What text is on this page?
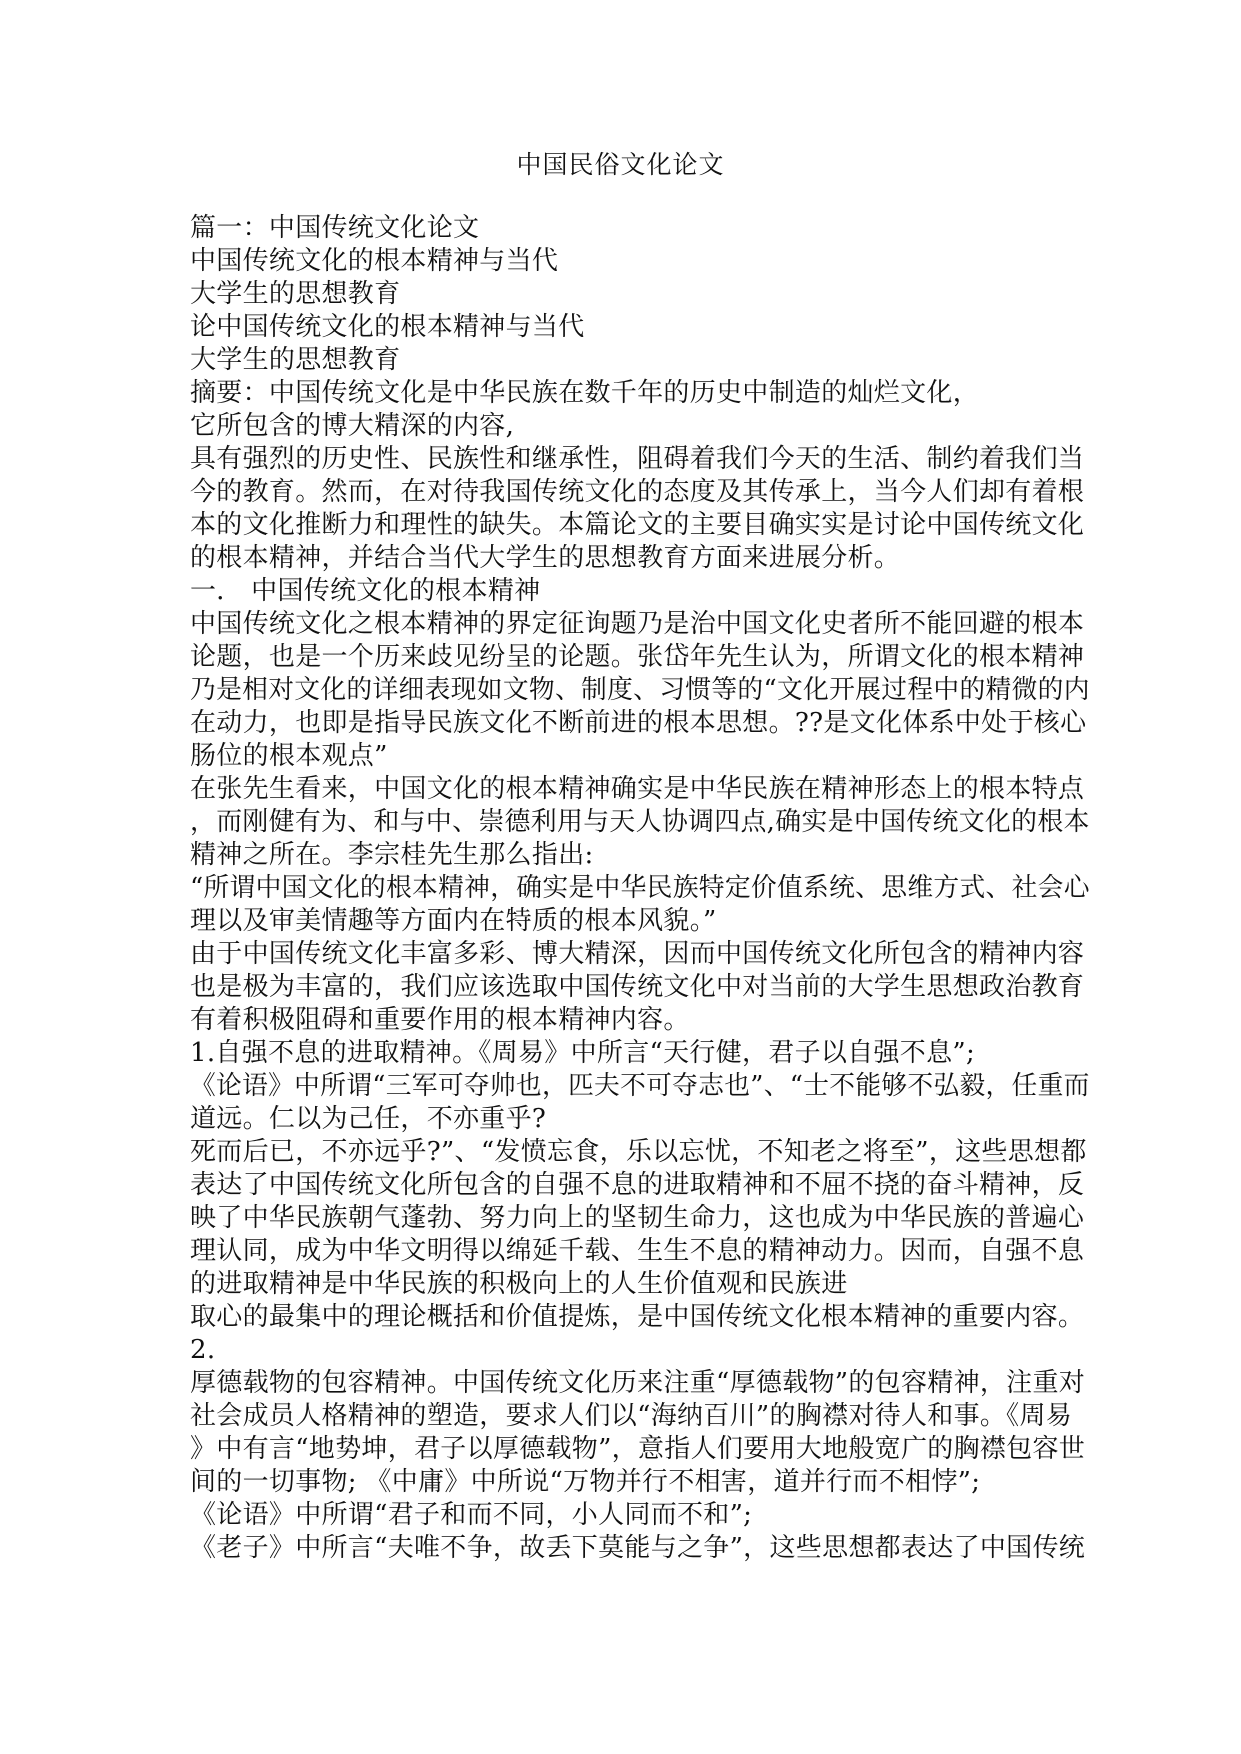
中国民俗文化论文
篇一：中国传统文化论文
中国传统文化的根本精神与当代
大学生的思想教育
论中国传统文化的根本精神与当代
大学生的思想教育
摘要：中国传统文化是中华民族在数千年的历史中制造的灿烂文化，
它所包含的博大精深的内容,
具有强烈的历史性、民族性和继承性，阻碍着我们今天的生活、制约着我们当
今的教育。然而，在对待我国传统文化的态度及其传承上，当今人们却有着根
本的文化推断力和理性的缺失。本篇论文的主要目确实实是讨论中国传统文化
的根本精神，并结合当代大学生的思想教育方面来进展分析。
一． 中国传统文化的根本精神
中国传统文化之根本精神的界定征询题乃是治中国文化史者所不能回避的根本
论题，也是一个历来歧见纷呈的论题。张岱年先生认为，所谓文化的根本精神
乃是相对文化的详细表现如文物、制度、习惯等的“文化开展过程中的精微的内
在动力，也即是指导民族文化不断前进的根本思想。??是文化体系中处于核心
肠位的根本观点”
在张先生看来，中国文化的根本精神确实是中华民族在精神形态上的根本特点
，而刚健有为、和与中、崇德利用与天人协调四点,确实是中国传统文化的根本
精神之所在。李宗桂先生那么指出:
“所谓中国文化的根本精神，确实是中华民族特定价值系统、思维方式、社会心
理以及审美情趣等方面内在特质的根本风貌。”
由于中国传统文化丰富多彩、博大精深，因而中国传统文化所包含的精神内容
也是极为丰富的，我们应该选取中国传统文化中对当前的大学生思想政治教育
有着积极阻碍和重要作用的根本精神内容。
1.自强不息的进取精神。《周易》中所言“天行健，君子以自强不息”;
《论语》中所谓“三军可夺帅也，匹夫不可夺志也”、“士不能够不弘毅，任重而
道远。仁以为己任，不亦重乎?
死而后已，不亦远乎?”、“发愤忘食，乐以忘忧，不知老之将至”，这些思想都
表达了中国传统文化所包含的自强不息的进取精神和不屈不挠的奋斗精神，反
映了中华民族朝气蓬勃、努力向上的坚韧生命力，这也成为中华民族的普遍心
理认同，成为中华文明得以绵延千载、生生不息的精神动力。因而，自强不息
的进取精神是中华民族的积极向上的人生价值观和民族进
取心的最集中的理论概括和价值提炼，是中国传统文化根本精神的重要内容。
2.
厚德载物的包容精神。中国传统文化历来注重“厚德载物”的包容精神，注重对
社会成员人格精神的塑造，要求人们以“海纳百川”的胸襟对待人和事。《周易
》中有言“地势坤，君子以厚德载物”，意指人们要用大地般宽广的胸襟包容世
间的一切事物; 《中庸》中所说“万物并行不相害，道并行而不相悖”;
《论语》中所谓“君子和而不同，小人同而不和”;
《老子》中所言“夫唯不争，故丢下莫能与之争”，这些思想都表达了中国传统
